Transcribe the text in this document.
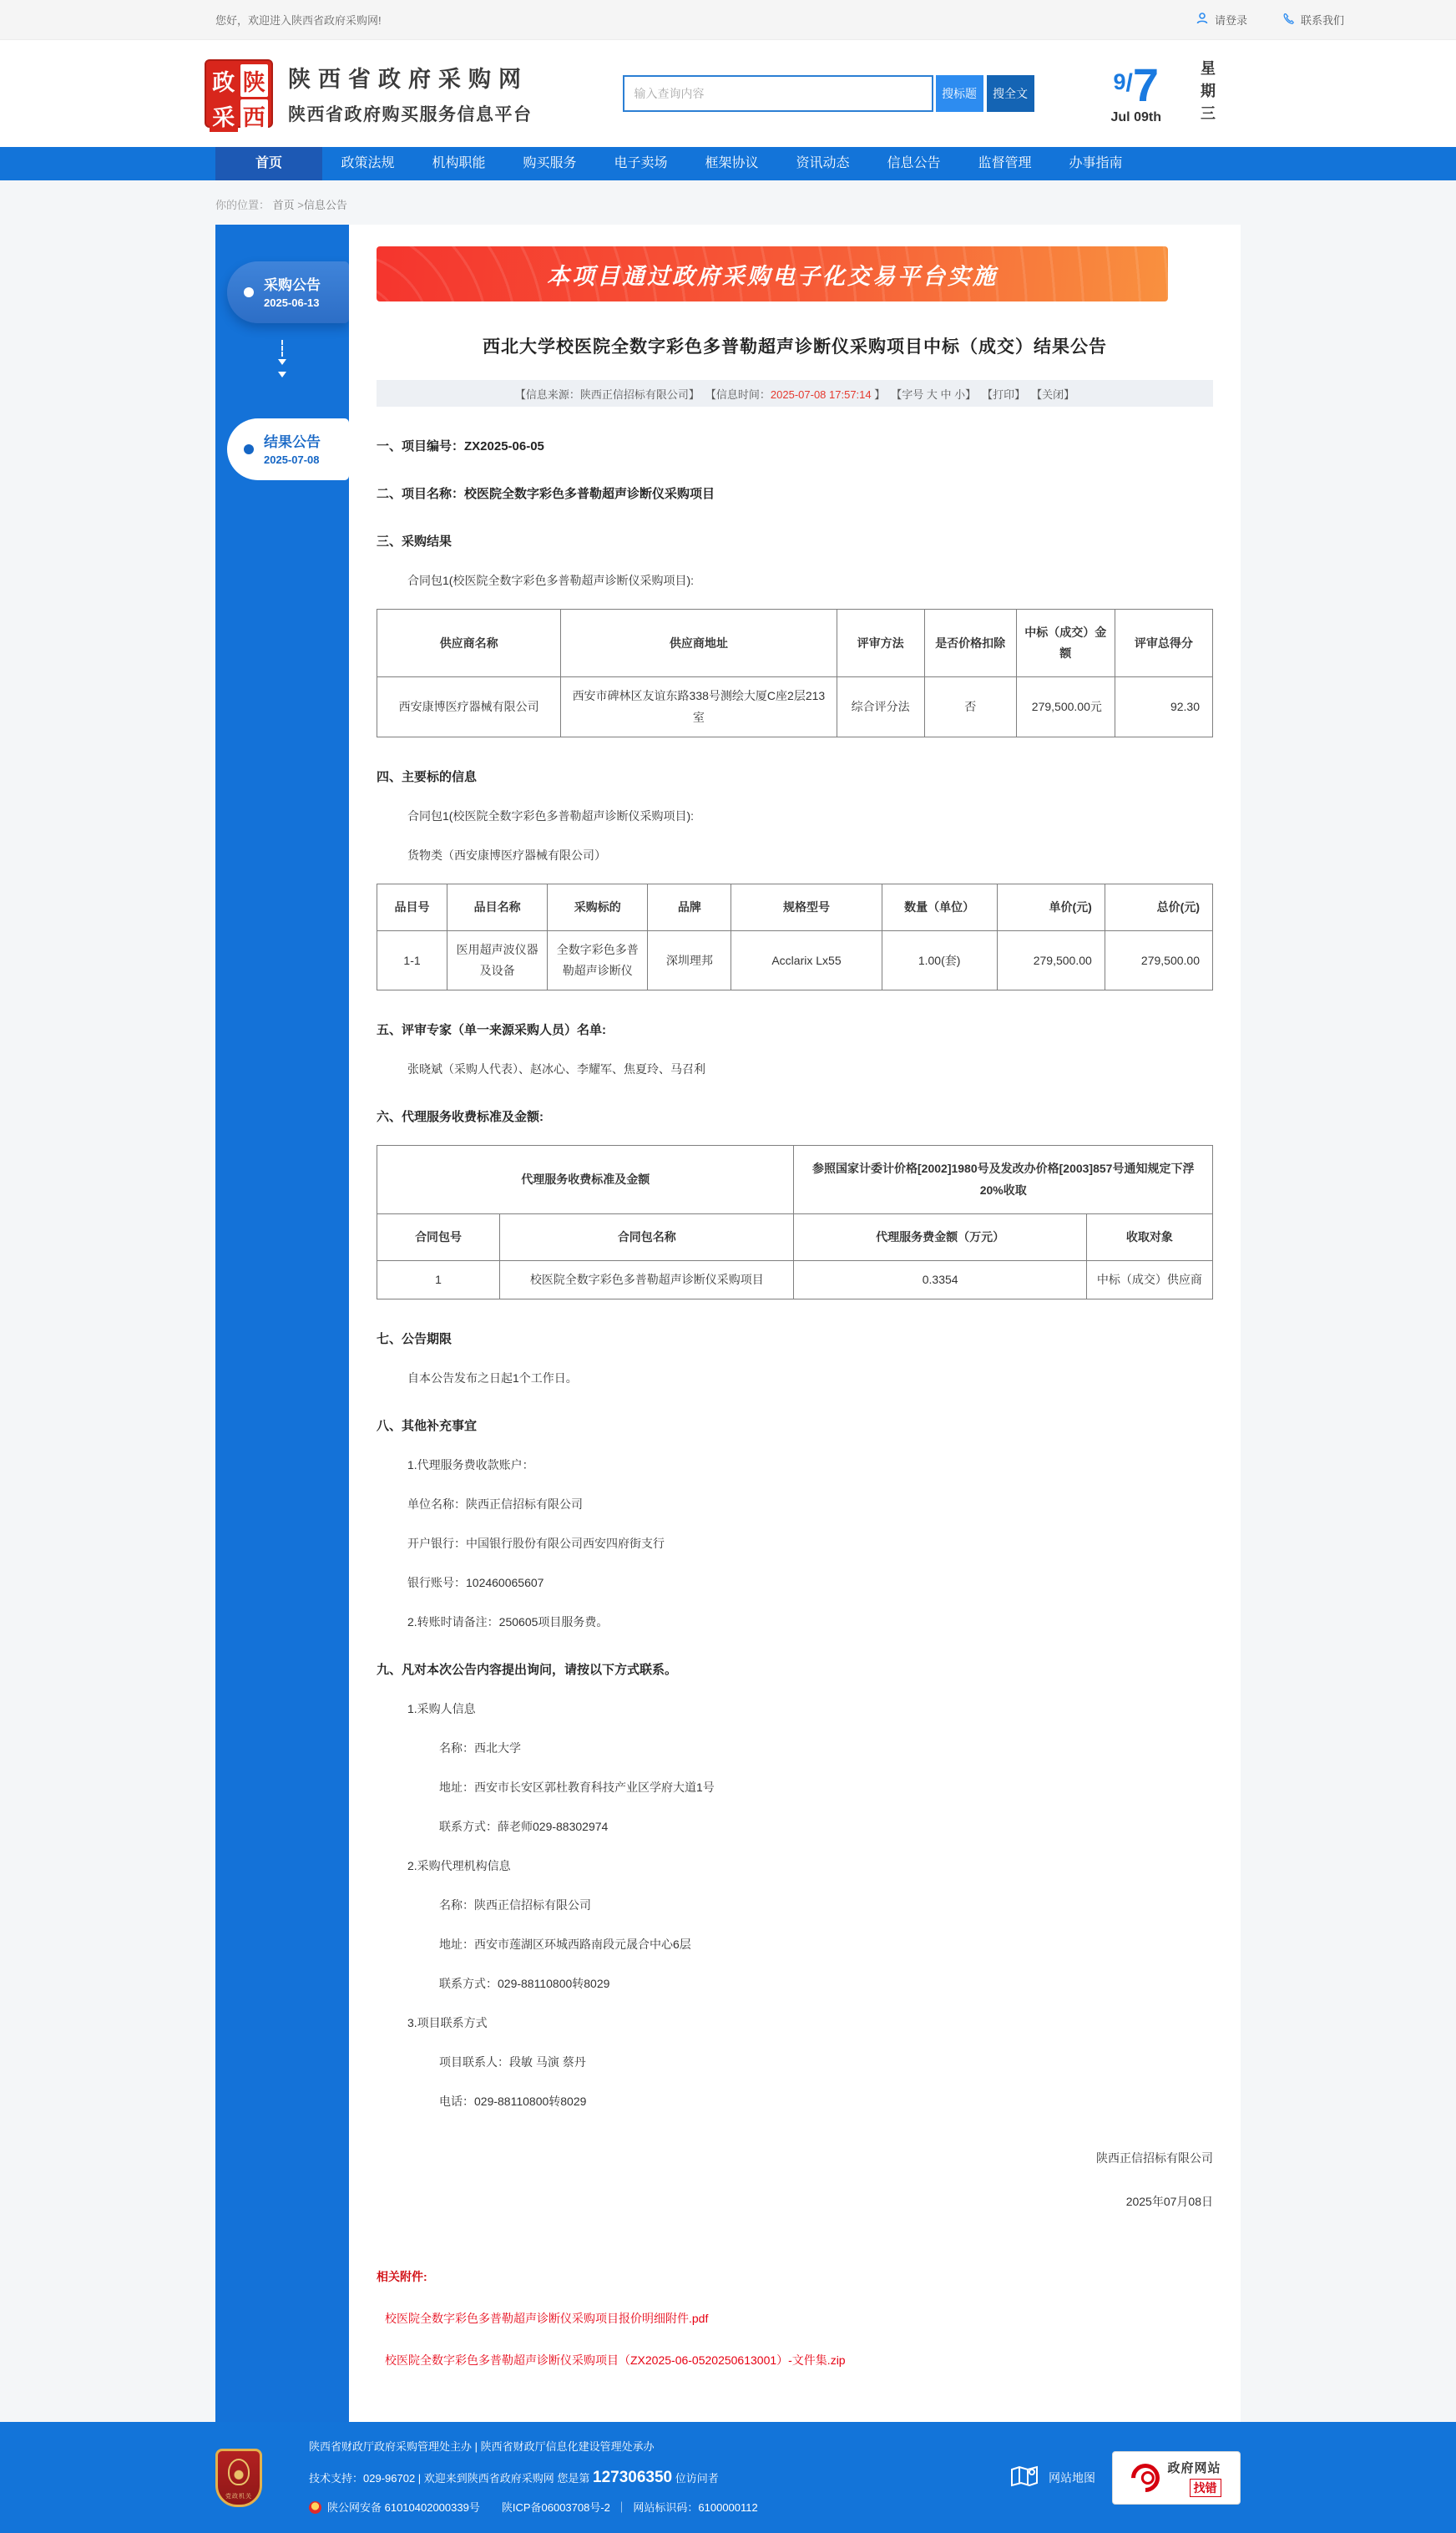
您好，欢迎进入陕西省政府采购网!	请登录	联系我们
政 陕
采 西
陕西省政府采购网
陕西省政府购买服务信息平台
输入查询内容
搜标题	搜全文	9/7
Jul 09th	星期三
首页	政策法规	机构职能	购买服务	电子卖场	框架协议	资讯动态	信息公告	监督管理	办事指南
你的位置： 首页 >信息公告
采购公告
2025-06-13
结果公告
2025-07-08
本项目通过政府采购电子化交易平台实施
西北大学校医院全数字彩色多普勒超声诊断仪采购项目中标（成交）结果公告
【信息来源：陕西正信招标有限公司】 【信息时间：2025-07-08 17:57:14 】 【字号 大 中 小】 【打印】 【关闭】
一、项目编号：ZX2025-06-05
二、项目名称：校医院全数字彩色多普勒超声诊断仪采购项目
三、采购结果
合同包1(校医院全数字彩色多普勒超声诊断仪采购项目):
供应商名称	供应商地址	评审方法	是否价格扣除	中标（成交）金额	评审总得分
西安康博医疗器械有限公司	西安市碑林区友谊东路338号测绘大厦C座2层213室	综合评分法	否	279,500.00元	92.30
四、主要标的信息
合同包1(校医院全数字彩色多普勒超声诊断仪采购项目):
货物类（西安康博医疗器械有限公司）
品目号	品目名称	采购标的	品牌	规格型号	数量（单位）	单价(元)	总价(元)
1-1	医用超声波仪器及设备	全数字彩色多普勒超声诊断仪	深圳理邦	Acclarix Lx55	1.00(套)	279,500.00	279,500.00
五、评审专家（单一来源采购人员）名单:
张晓斌（采购人代表）、赵冰心、李耀军、焦夏玲、马召利
六、代理服务收费标准及金额:
代理服务收费标准及金额		参照国家计委计价格[2002]1980号及发改办价格[2003]857号通知规定下浮20%收取	
合同包号	合同包名称	代理服务费金额（万元）	收取对象
1	校医院全数字彩色多普勒超声诊断仪采购项目	0.3354	中标（成交）供应商
七、公告期限
自本公告发布之日起1个工作日。
八、其他补充事宜
1.代理服务费收款账户：
单位名称：陕西正信招标有限公司
开户银行：中国银行股份有限公司西安四府街支行
银行账号：102460065607
2.转账时请备注：250605项目服务费。
九、凡对本次公告内容提出询问，请按以下方式联系。
1.采购人信息
名称：西北大学
地址：西安市长安区郭杜教育科技产业区学府大道1号
联系方式：薛老师029-88302974
2.采购代理机构信息
名称：陕西正信招标有限公司
地址：西安市莲湖区环城西路南段元晟合中心6层
联系方式：029-88110800转8029
3.项目联系方式
项目联系人：段敏 马演 蔡丹
电话：029-88110800转8029
陕西正信招标有限公司
2025年07月08日
相关附件:
校医院全数字彩色多普勒超声诊断仪采购项目报价明细附件.pdf
校医院全数字彩色多普勒超声诊断仪采购项目（ZX2025-06-0520250613001）-文件集.zip
党政机关
陕西省财政厅政府采购管理处主办 | 陕西省财政厅信息化建设管理处承办
技术支持：029-96702 | 欢迎来到陕西省政府采购网 您是第 127306350 位访问者
陕公网安备 61010402000339号 陕ICP备06003708号-2 ｜ 网站标识码：6100000112
网站地图
政府网站
找错
